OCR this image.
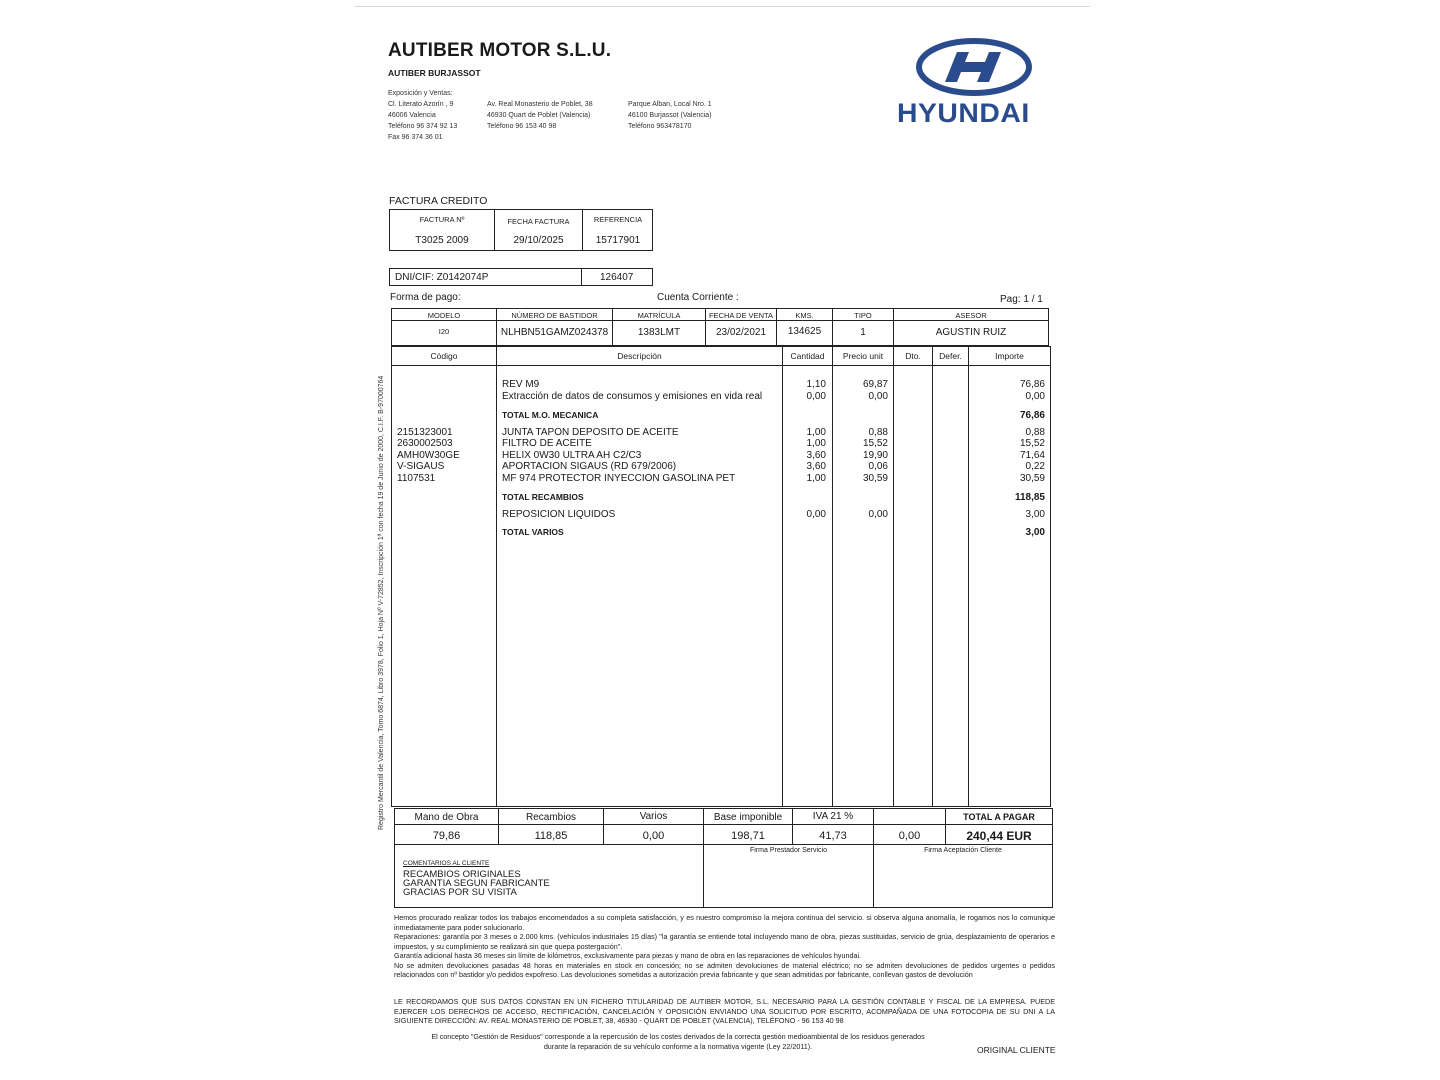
AUTIBER MOTOR S.L.U.
AUTIBER BURJASSOT
Exposición y Ventas:
Cl. Literato Azorín , 9
46006 Valencia
Teléfono 96 374 92 13
Fax 96 374 36 01
Av. Real Monasterio de Poblet, 38
46930 Quart de Poblet (Valencia)
Teléfono 96 153 40 98
Parque Alban, Local Nro. 1
46100 Burjassot (Valencia)
Teléfono 963478170	HYUNDAI
FACTURA CREDITO
FACTURA Nº	FECHA FACTURA	REFERENCIA
T3025 2009	29/10/2025	15717901
DNI/CIF: Z0142074P	126407
Forma de pago:	Cuenta Corriente :	Pag: 1 / 1
MODELO	NÚMERO DE BASTIDOR	MATRÍCULA	FECHA DE VENTA	KMS.	TIPO	ASESOR
I20	NLHBN51GAMZ024378	1383LMT	23/02/2021	134625	1	AGUSTIN RUIZ
Código	Descripción	Cantidad	Precio unit	Dto.	Defer.	Importe
REV M9	1,10	69,87	76,86
Extracción de datos de consumos y emisiones en vida real	0,00	0,00	0,00
TOTAL M.O. MECANICA	76,86
2151323001	JUNTA TAPON DEPOSITO DE ACEITE	1,00	0,88	0,88
2630002503	FILTRO DE ACEITE	1,00	15,52	15,52
AMH0W30GE	HELIX 0W30 ULTRA AH C2/C3	3,60	19,90	71,64
V-SIGAUS	APORTACION SIGAUS (RD 679/2006)	3,60	0,06	0,22
1107531	MF 974 PROTECTOR INYECCION GASOLINA PET	1,00	30,59	30,59
TOTAL RECAMBIOS	118,85
REPOSICION LIQUIDOS	0,00	0,00	3,00
TOTAL VARIOS	3,00
Mano de Obra	Recambios	Varios	Base imponible	IVA 21 %	TOTAL A PAGAR
79,86	118,85	0,00	198,71	41,73	0,00	240,44 EUR
COMENTARIOS AL CLIENTE
RECAMBIOS ORIGINALES
GARANTIA SEGUN FABRICANTE
GRACIAS POR SU VISITA
Firma Prestador Servicio	Firma Aceptación Cliente
Registro Mercantil de Valencia, Tomo 6874, Libro 3978, Folio 1, Hoja Nº V-72852, Inscripción 1ª con fecha 19 de Junio de 2000, C.I.F. B-97000764
Hemos procurado realizar todos los trabajos encomendados a su completa satisfacción, y es nuestro compromiso la mejora continua del servicio. si observa alguna anomalía, le rogamos nos lo comunique inmediatamente para poder solucionarlo.
Reparaciones: garantía por 3 meses o 2.000 kms. (vehículos industriales 15 días) "la garantía se entiende total incluyendo mano de obra, piezas sustituidas, servicio de grúa, desplazamiento de operarios e impuestos, y su cumplimiento se realizará sin que quepa postergación".
Garantía adicional hasta 36 meses sin límite de kilómetros, exclusivamente para piezas y mano de obra en las reparaciones de vehículos hyundai.
No se admiten devoluciones pasadas 48 horas en materiales en stock en concesión; no se admiten devoluciones de material eléctrico; no se admiten devoluciones de pedidos urgentes o pedidos relacionados con nº bastidor y/o pedidos expofreso. Las devoluciones sometidas a autorización previa fabricante y que sean admitidas por fabricante, conllevan gastos de devolución
LE RECORDAMOS QUE SUS DATOS CONSTAN EN UN FICHERO TITULARIDAD DE AUTIBER MOTOR, S.L. NECESARIO PARA LA GESTIÓN CONTABLE Y FISCAL DE LA EMPRESA. PUEDE EJERCER LOS DERECHOS DE ACCESO, RECTIFICACIÓN, CANCELACIÓN Y OPOSICIÓN ENVIANDO UNA SOLICITUD POR ESCRITO, ACOMPAÑADA DE UNA FOTOCOPIA DE SU DNI A LA SIGUIENTE DIRECCIÓN: AV. REAL MONASTERIO DE POBLET, 38, 46930 - QUART DE POBLET (VALENCIA), TELÉFONO - 96 153 40 98
El concepto "Gestión de Residuos" corresponde a la repercusión de los costes derivados de la correcta gestión medioambiental de los residuos generados
durante la reparación de su vehículo conforme a la normativa vigente (Ley 22/2011).	ORIGINAL CLIENTE
